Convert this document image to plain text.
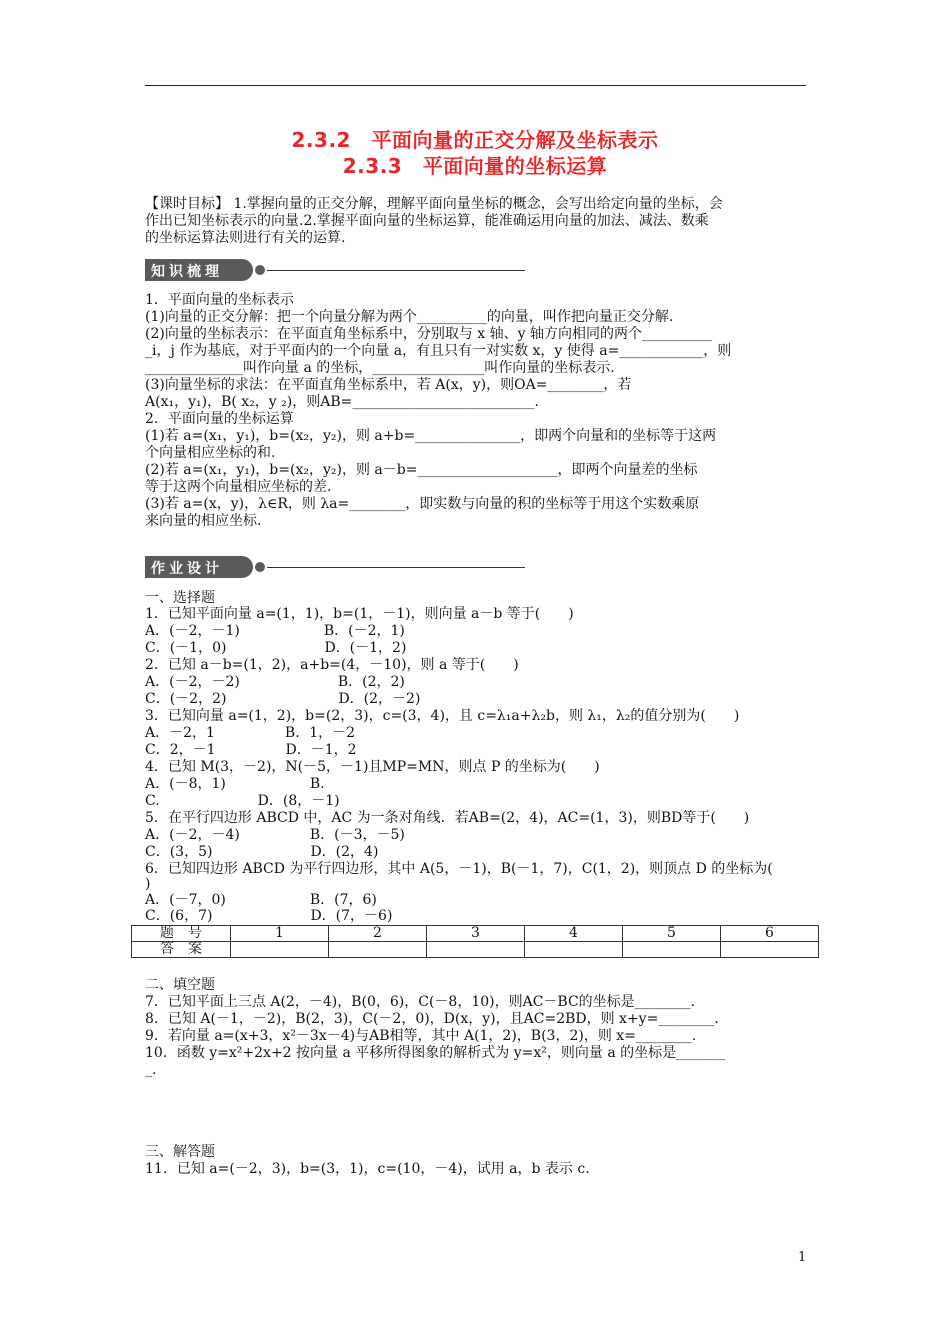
2.3.2　平面向量的正交分解及坐标表示
2.3.3　平面向量的坐标运算
【课时目标】 1.掌握向量的正交分解，理解平面向量坐标的概念，会写出给定向量的坐标，会
作出已知坐标表示的向量.2.掌握平面向量的坐标运算，能准确运用向量的加法、减法、数乘
的坐标运算法则进行有关的运算.
知识梳理
1．平面向量的坐标表示
(1)向量的正交分解：把一个向量分解为两个__________的向量，叫作把向量正交分解.
(2)向量的坐标表示：在平面直角坐标系中，分别取与 x 轴、y 轴方向相同的两个__________
_i，j 作为基底，对于平面内的一个向量 a，有且只有一对实数 x，y 使得 a=____________，则
______________叫作向量 a 的坐标，________________叫作向量的坐标表示.
(3)向量坐标的求法：在平面直角坐标系中，若 A(x，y)，则OA=________，若
A(x₁，y₁)，B( x₂，y ₂)，则AB=__________________________.
2．平面向量的坐标运算
(1)若 a=(x₁，y₁)，b=(x₂，y₂)，则 a+b=_______________，即两个向量和的坐标等于这两
个向量相应坐标的和.
(2)若 a=(x₁，y₁)，b=(x₂，y₂)，则 a－b=____________________，即两个向量差的坐标
等于这两个向量相应坐标的差.
(3)若 a=(x，y)，λ∈R，则 λa=________，即实数与向量的积的坐标等于用这个实数乘原
来向量的相应坐标.
作业设计
一、选择题
1．已知平面向量 a=(1，1)，b=(1，－1)，则向量 a－b 等于(　　)
A．(－2，－1)　　　　　　B．(－2，1)
C．(－1，0)　　　　　　　D．(－1，2)
2．已知 a－b=(1，2)，a+b=(4，－10)，则 a 等于(　　)
A．(－2，－2)　　　　　　　B．(2，2)
C．(－2，2)　　　　　　　　D．(2，－2)
3．已知向量 a=(1，2)，b=(2，3)，c=(3，4)，且 c=λ₁a+λ₂b，则 λ₁，λ₂的值分别为(　　)
A．－2，1　　　　　B．1，－2
C．2，－1　　　　　D．－1，2
4．已知 M(3，－2)，N(－5，－1)且MP=MN，则点 P 的坐标为(　　)
A．(－8，1)　　　　　　B.
C.　　　　　　　D．(8，－1)
5．在平行四边形 ABCD 中，AC 为一条对角线．若AB=(2，4)，AC=(1，3)，则BD等于(　　)
A．(－2，－4)　　　　　B．(－3，－5)
C．(3，5)　　　　　　　D．(2，4)
6．已知四边形 ABCD 为平行四边形，其中 A(5，－1)，B(－1，7)，C(1，2)，则顶点 D 的坐标为(
)
A．(－7，0)　　　　　　B．(7，6)
C．(6，7)　　　　　　　D．(7，－6)
题　号	1	2	3	4	5	6
答　案						
二、填空题
7．已知平面上三点 A(2，－4)，B(0，6)，C(－8，10)，则AC－BC的坐标是________.
8．已知 A(－1，－2)，B(2，3)，C(－2，0)，D(x，y)，且AC=2BD，则 x+y=________.
9．若向量 a=(x+3，x²－3x－4)与AB相等，其中 A(1，2)，B(3，2)，则 x=________.
10．函数 y=x²+2x+2 按向量 a 平移所得图象的解析式为 y=x²，则向量 a 的坐标是_______
_.
三、解答题
11．已知 a=(－2，3)，b=(3，1)，c=(10，－4)，试用 a，b 表示 c.
1
